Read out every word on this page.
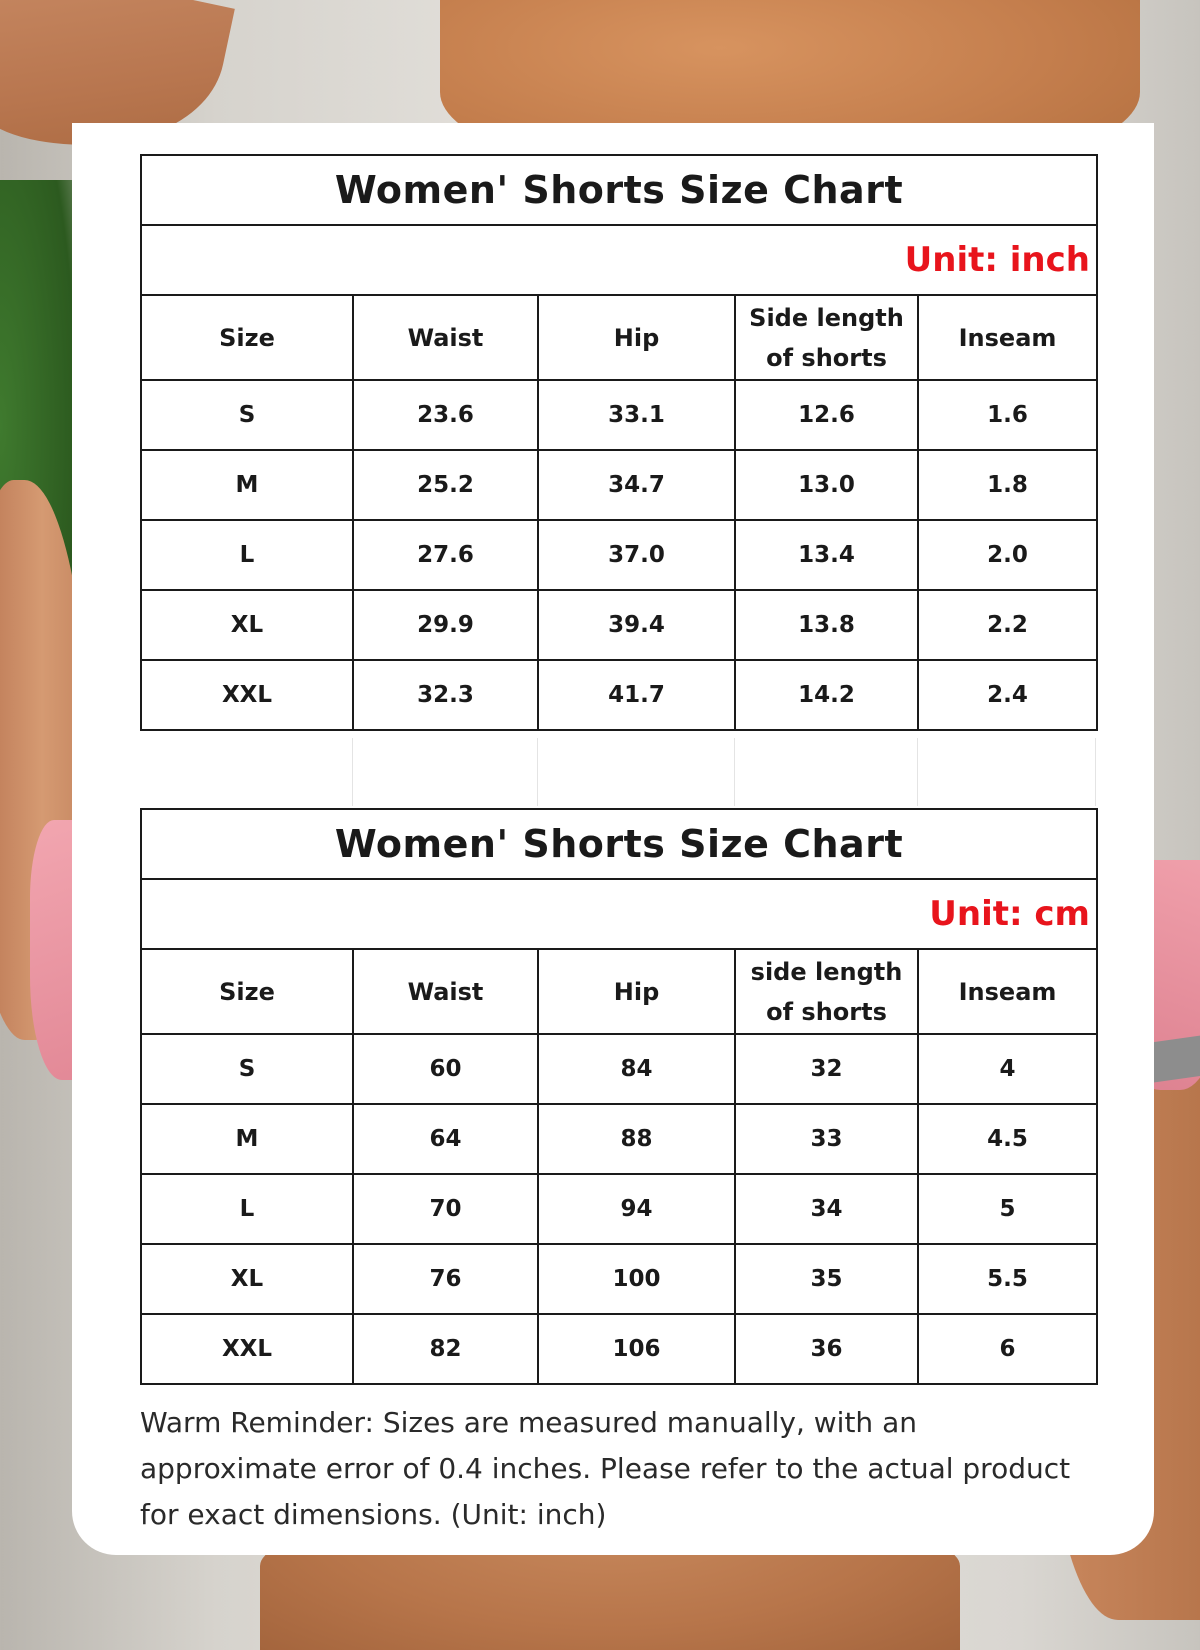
Women' Shorts Size Chart				
Unit: inch				
Size	Waist	Hip	Side length of shorts	Inseam
S	23.6	33.1	12.6	1.6
M	25.2	34.7	13.0	1.8
L	27.6	37.0	13.4	2.0
XL	29.9	39.4	13.8	2.2
XXL	32.3	41.7	14.2	2.4
Women' Shorts Size Chart				
Unit: cm				
Size	Waist	Hip	side length of shorts	Inseam
S	60	84	32	4
M	64	88	33	4.5
L	70	94	34	5
XL	76	100	35	5.5
XXL	82	106	36	6
Warm Reminder: Sizes are measured manually, with an approximate error of 0.4 inches. Please refer to the actual product for exact dimensions. (Unit: inch)
